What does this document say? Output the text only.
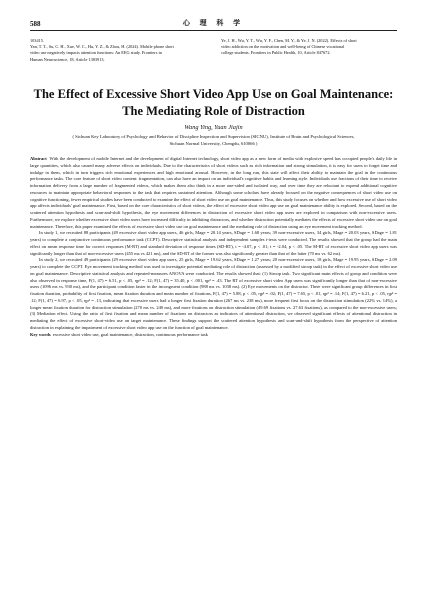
588	心 理 科 学
103415.
Yan, T. T., Su, C. H., Xue, W. C., Hu, Y. Z., & Zhou, H. (2024). Mobile phone short
video use negatively impacts attention functions: An EEG study. Frontiers in
Human Neuroscience, 18, Article 1383913.
Ye, J. H., Wu, Y. T., Wu, Y. F., Chen, M. Y., & Ye, J. N. (2022). Effects of short
video addiction on the motivation and well-being of Chinese vocational
college students. Frontiers in Public Health, 10, Article 847672.
The Effect of Excessive Short Video App Use on Goal Maintenance: The Mediating Role of Distraction
Wang Ying, Yuan Jiajin
( Sichuan Key Laboratory of Psychology and Behavior of Discipline Inspection and Supervision (SICNU), Institute of Brain and Psychological Sciences,
Sichuan Normal University, Chengdu, 610066 )

Abstract With the development of mobile Internet and the development of digital Internet technology, short video app as a new form of media with explosive speed has occupied people's daily life in large quantities, which also caused many adverse effects on individuals. Due to the characteristics of short videos such as rich information and strong stimulation, it is easy for users to forget time and indulge in them, which in turn triggers rich emotional experiences and high emotional arousal. However, in the long run, this state will affect their ability to maintain the goal in the continuous performance tasks. The core feature of short video content: fragmentation, can also have an impact on an individual's cognitive habits and learning style. Individuals use fractions of their time to receive information delivery from a large number of fragmented videos, which makes them also think in a more one-sided and isolated way, and over time they are reluctant to expend additional cognitive resources to maintain appropriate behavioral responses to the task that requires sustained attention. Although some scholars have already focused on the negative consequences of short video use on cognitive functioning, fewer empirical studies have been conducted to examine the effect of short video use on goal maintenance. Thus, this study focuses on whether and how excessive use of short video app affects individuals' goal maintenance. First, based on the core characteristics of short videos, the effect of excessive short video app use on goal maintenance ability is explored. Second, based on the scattered attention hypothesis and scan-and-shift hypothesis, the eye movement differences in distraction of excessive short video app users are explored in comparison with non-excessive users. Furthermore, we explore whether excessive short video users have increased difficulty in inhibiting distractors, and whether distraction potentially mediates the effects of excessive short video use on goal maintenance. Therefore, this paper examined the effects of excessive short video use on goal maintenance and the mediating role of distraction using an eye movement tracking method.

In study 1, we recruited 88 participants (49 excessive short video app users, 46 girls, Mage = 20.14 years, SDage = 1.68 years; 39 non-excessive users, 34 girls, Mage = 20.03 years, SDage = 1.81 years) to complete a conjunctive continuous performance task (CCPT). Descriptive statistical analysis and independent samples t-tests were conducted. The results showed that the group had the main effect on mean response time for correct responses (M-RT) and standard deviation of response times (SD-RT), t = -4.07, p < .01; t = -2.04, p < .05. The M-RT of excessive short video app users was significantly longer than that of non-excessive users (455 ms vs 421 ms), and the SD-RT of the former was also significantly greater than that of the latter (70 ms vs. 62 ms).

In study 2, we recruited 49 participants (29 excessive short video app users, 25 girls, Mage = 19.62 years, SDage = 1.27 years; 20 non-excessive users, 18 girls, Mage = 19.95 years, SDage = 2.09 years) to complete the CCPT. Eye movement tracking method was used to investigate potential mediating role of distraction (assessed by a modified stroop task) in the effect of excessive short video use on goal maintenance. Descriptive statistical analysis and repeated-measures ANOVA were conducted. The results showed that: (1) Stroop task. Two significant main effects of group and condition were also observed in response time, F(1, 47) = 6.51, p < .05, ηp² = .12; F(1, 47) = 35.40, p < .001, ηp² = .43. The RT of excessive short video App users was significantly longer than that of non-excessive users (1096 ms vs. 930 ms), and the participant condition faster in the incongruent condition (988 ms vs. 1038 ms). (2) Eye movements on the distractor. There were significant group differences in first fixation duration, probability of first fixation, mean fixation duration and mean number of fixations, F(1, 47) = 5.88, p < .05, ηp² = .02; F(1, 47) = 7.65, p < .01, ηp² = .14; F(1, 47) = 6.21, p < .05, ηp² = .12; F(1, 47) = 6.97, p < .05, ηp² = .13, indicating that excessive users had a longer first fixation duration (267 ms vs. 238 ms), more frequent first focus on the distraction stimulation (22% vs. 14%), a longer mean fixation duration for distraction stimulation (270 ms vs. 240 ms), and more fixations on distraction stimulation (49.69 fixations vs. 27.63 fixations), as compared to the non-excessive users; (3) Mediation effect. Using the ratio of first fixation and mean number of fixations on distractors as indicators of attentional distraction, we observed significant effects of attentional distraction in mediating the effect of excessive short-video use on target maintenance. These findings support the scattered attention hypothesis and scan-and-shift hypothesis from the perspective of attention distraction in explaining the impairment of excessive short video app use on the function of goal maintenance.

Key words excessive short video use, goal maintenance, distraction, continuous performance task
